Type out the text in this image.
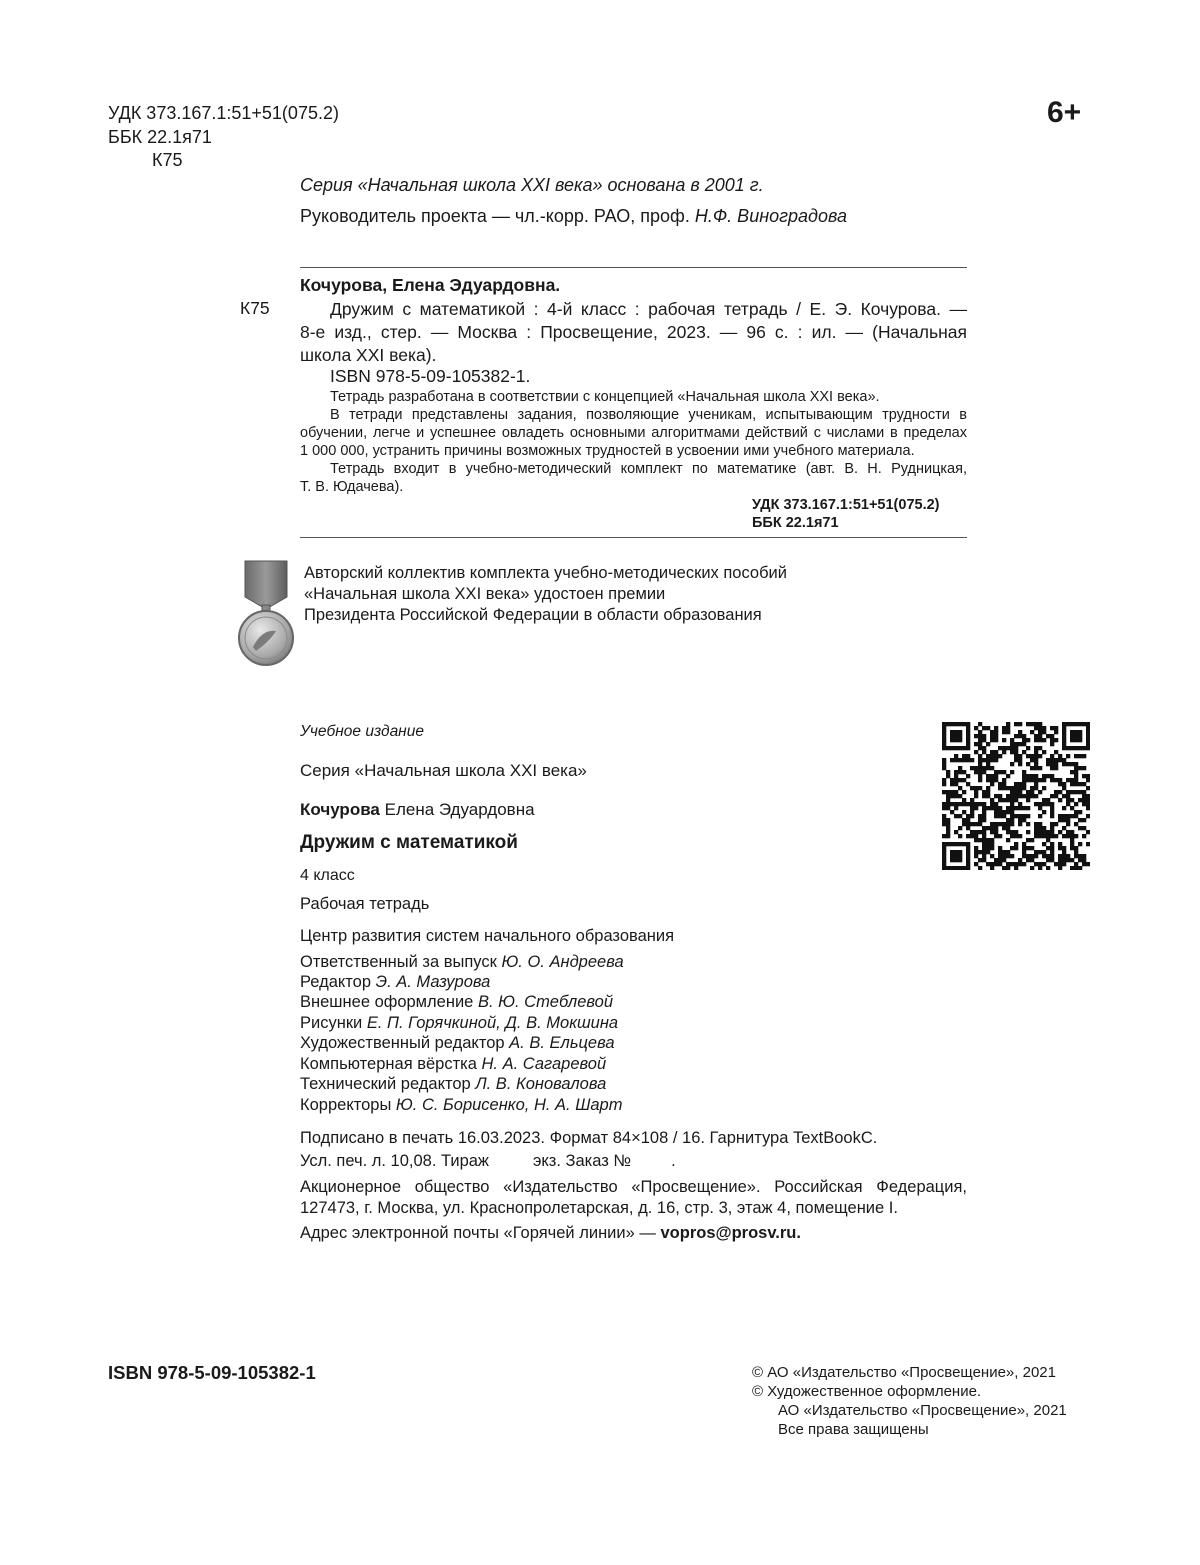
УДК 373.167.1:51+51(075.2)
ББК 22.1я71
К75
6+
Серия «Начальная школа XXI века» основана в 2001 г.
Руководитель проекта — чл.-корр. РАО, проф. Н.Ф. Виноградова
Кочурова, Елена Эдуардовна.
К75	Дружим с математикой : 4-й класс : рабочая тетрадь / Е. Э. Кочурова. —
8-е изд., стер. — Москва : Просвещение, 2023. — 96 с. : ил. — (Начальная
школа XXI века).
ISBN 978-5-09-105382-1.
Тетрадь разработана в соответствии с концепцией «Начальная школа XXI века».
В тетради представлены задания, позволяющие ученикам, испытывающим трудности в
обучении, легче и успешнее овладеть основными алгоритмами действий с числами в пределах
1 000 000, устранить причины возможных трудностей в усвоении ими учебного материала.
Тетрадь входит в учебно-методический комплект по математике (авт. В. Н. Рудницкая,
Т. В. Юдачева).
УДК 373.167.1:51+51(075.2)
ББК 22.1я71
Авторский коллектив комплекта учебно-методических пособий
«Начальная школа XXI века» удостоен премии
Президента Российской Федерации в области образования
Учебное издание
Серия «Начальная школа XXI века»
Кочурова Елена Эдуардовна
Дружим с математикой
4 класс
Рабочая тетрадь
Центр развития систем начального образования
Ответственный за выпуск Ю. О. Андреева
Редактор Э. А. Мазурова
Внешнее оформление В. Ю. Стеблевой
Рисунки Е. П. Горячкиной, Д. В. Мокшина
Художественный редактор А. В. Ельцева
Компьютерная вёрстка Н. А. Сагаревой
Технический редактор Л. В. Коновалова
Корректоры Ю. С. Борисенко, Н. А. Шарт
Подписано в печать 16.03.2023. Формат 84×108 / 16. Гарнитура TextBookC.
Усл. печ. л. 10,08. Тираж	экз. Заказ № .
Акционерное общество «Издательство «Просвещение». Российская Федерация,
127473, г. Москва, ул. Краснопролетарская, д. 16, стр. 3, этаж 4, помещение I.
Адрес электронной почты «Горячей линии» — vopros@prosv.ru.
ISBN 978-5-09-105382-1	© АО «Издательство «Просвещение», 2021
© Художественное оформление.
АО «Издательство «Просвещение», 2021
Все права защищены
